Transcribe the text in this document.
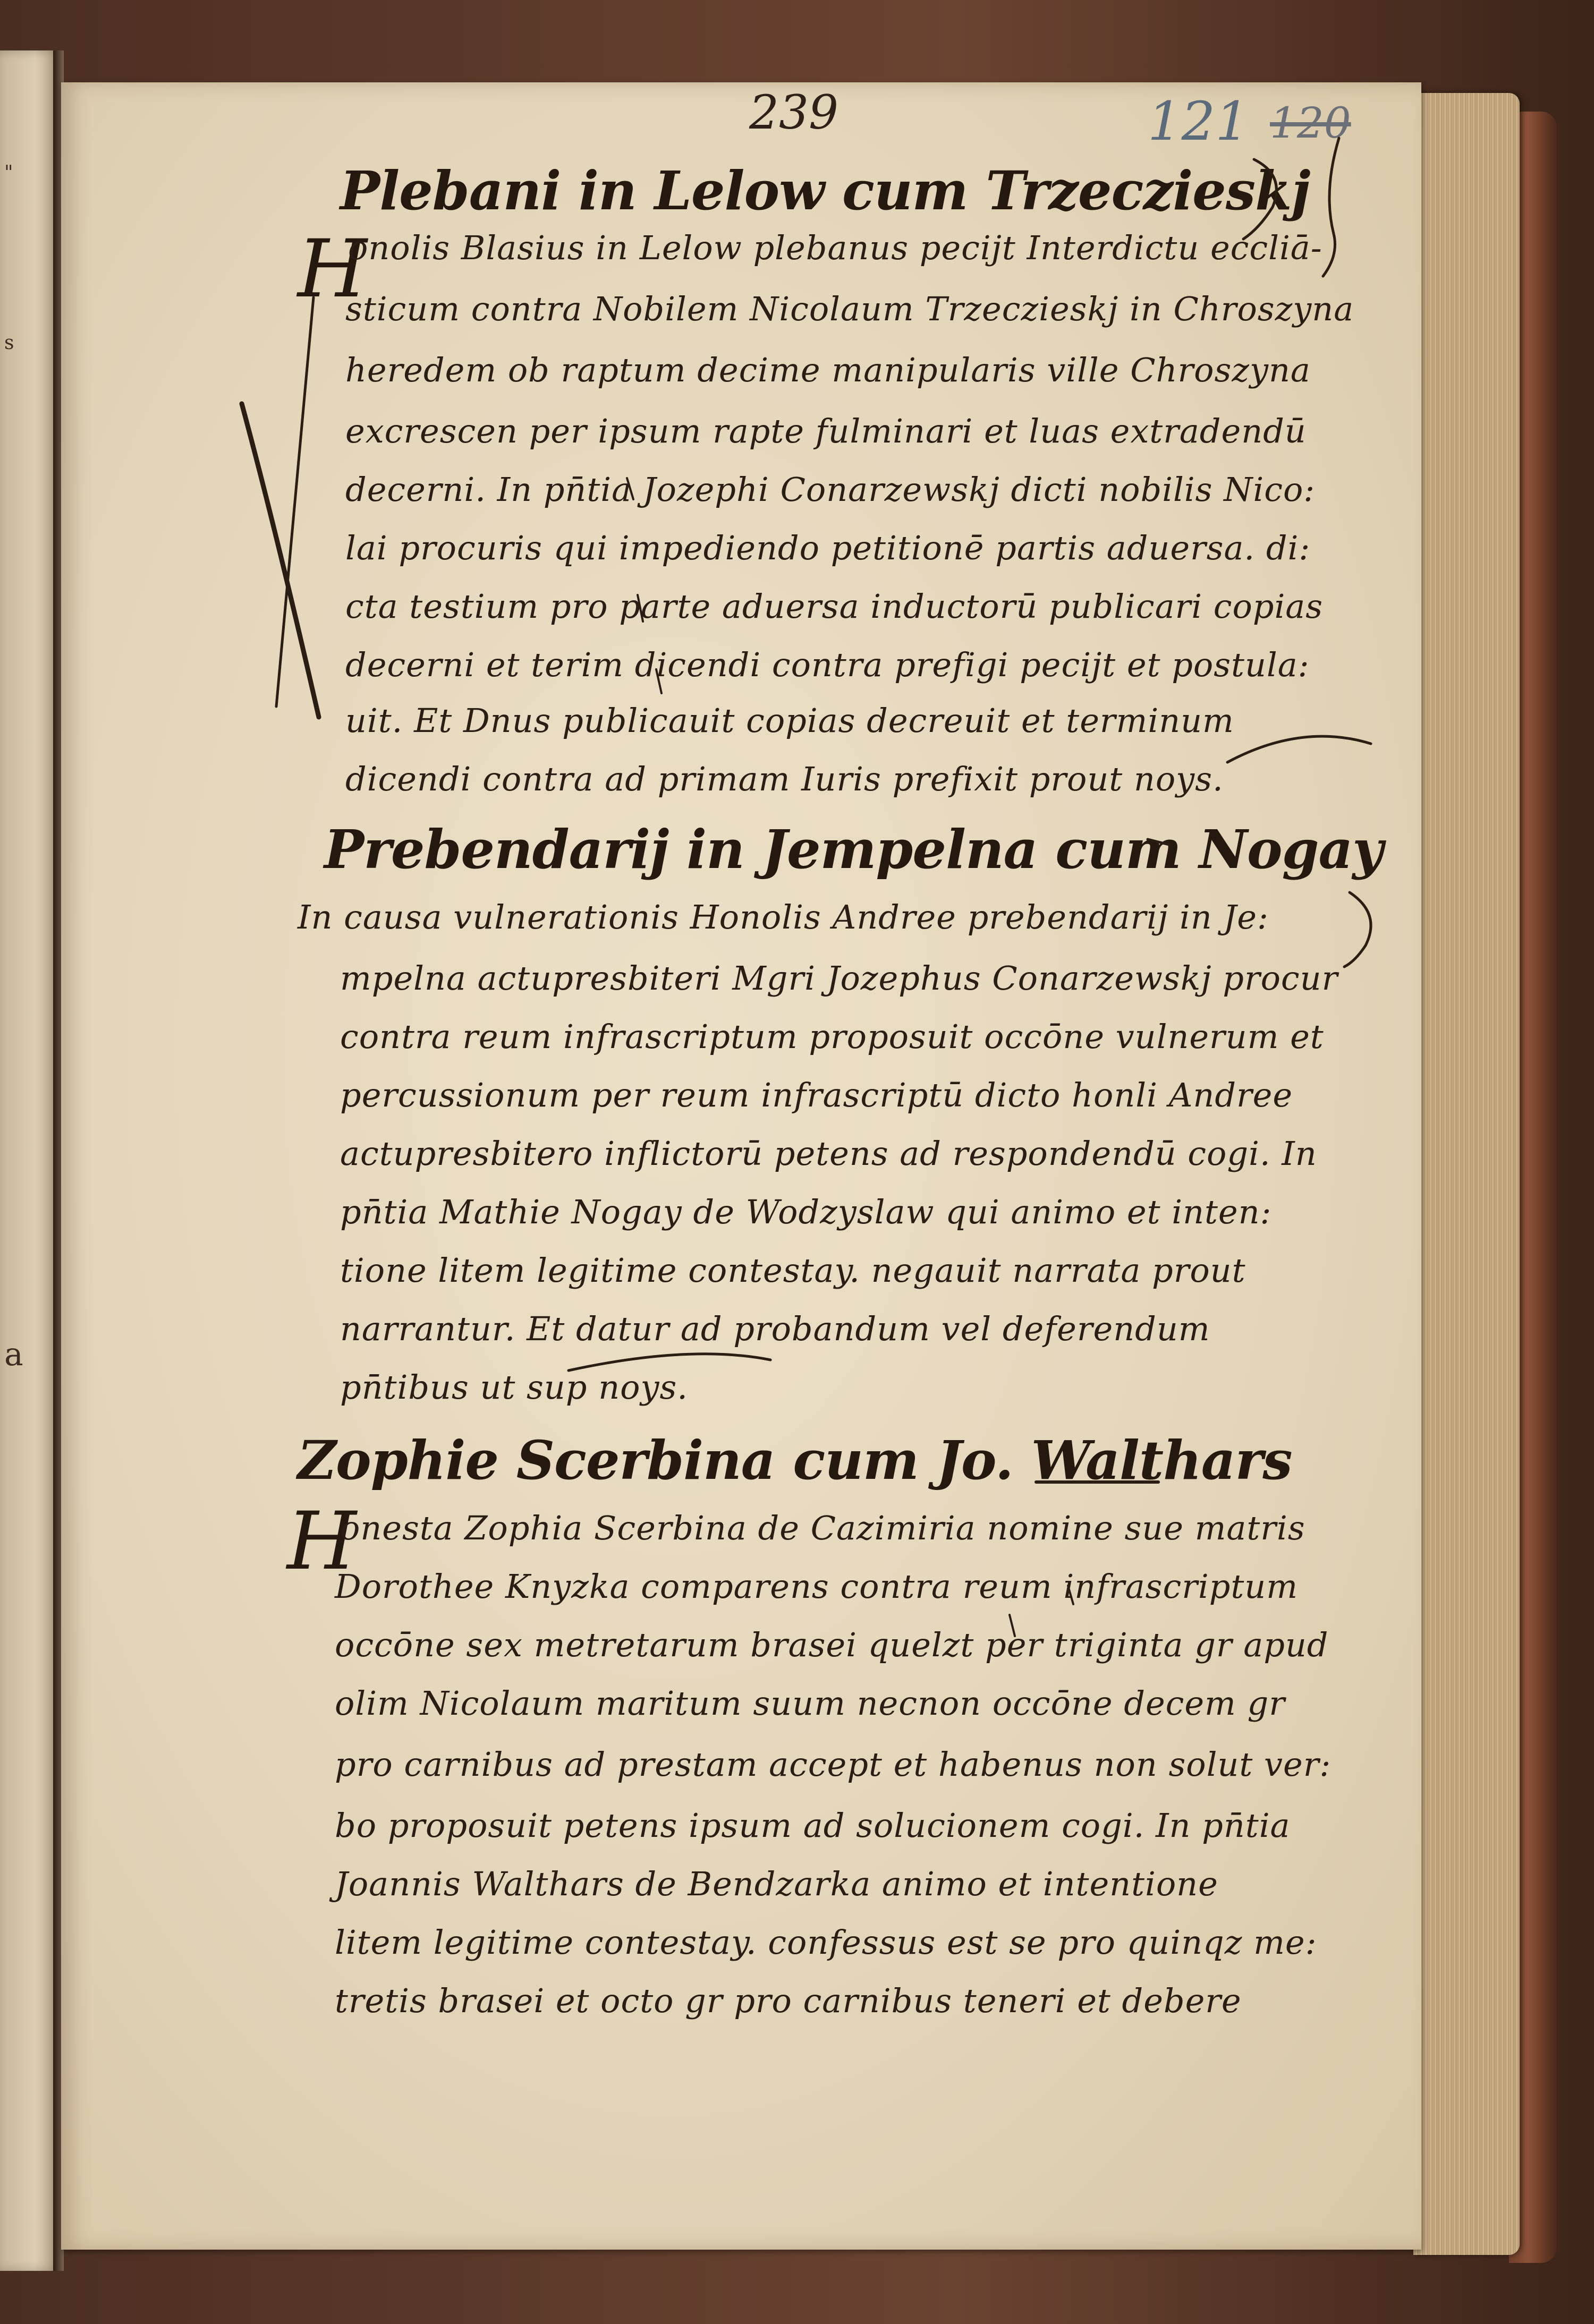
"
s
a
239	121 120
Plebani in Lelow cum Trzeczieskj
H
onolis Blasius in Lelow plebanus pecijt Interdictu eccliā-
sticum contra Nobilem Nicolaum Trzeczieskj in Chroszyna
heredem ob raptum decime manipularis ville Chroszyna
excrescen per ipsum rapte fulminari et luas extradendū
decerni. In pn̄tia Jozephi Conarzewskj dicti nobilis Nico:
lai procuris qui impediendo petitionē partis aduersa. di:
cta testium pro parte aduersa inductorū publicari copias
decerni et terim dicendi contra prefigi pecijt et postula:
uit. Et Dnus publicauit copias decreuit et terminum
dicendi contra ad primam Iuris prefixit prout noys.
Prebendarij in Jempelna cum Nogay
In causa vulnerationis Honolis Andree prebendarij in Je:
mpelna actupresbiteri Mgri Jozephus Conarzewskj procur
contra reum infrascriptum proposuit occōne vulnerum et
percussionum per reum infrascriptū dicto honli Andree
actupresbitero inflictorū petens ad respondendū cogi. In
pn̄tia Mathie Nogay de Wodzyslaw qui animo et inten:
tione litem legitime contestay. negauit narrata prout
narrantur. Et datur ad probandum vel deferendum
pn̄tibus ut sup noys.
Zophie Scerbina cum Jo. Walthars
H
onesta Zophia Scerbina de Cazimiria nomine sue matris
Dorothee Knyzka comparens contra reum infrascriptum
occōne sex metretarum brasei quelzt per triginta gr apud
olim Nicolaum maritum suum necnon occōne decem gr
pro carnibus ad prestam accept et habenus non solut ver:
bo proposuit petens ipsum ad solucionem cogi. In pn̄tia
Joannis Walthars de Bendzarka animo et intentione
litem legitime contestay. confessus est se pro quinqz me:
tretis brasei et octo gr pro carnibus teneri et debere
